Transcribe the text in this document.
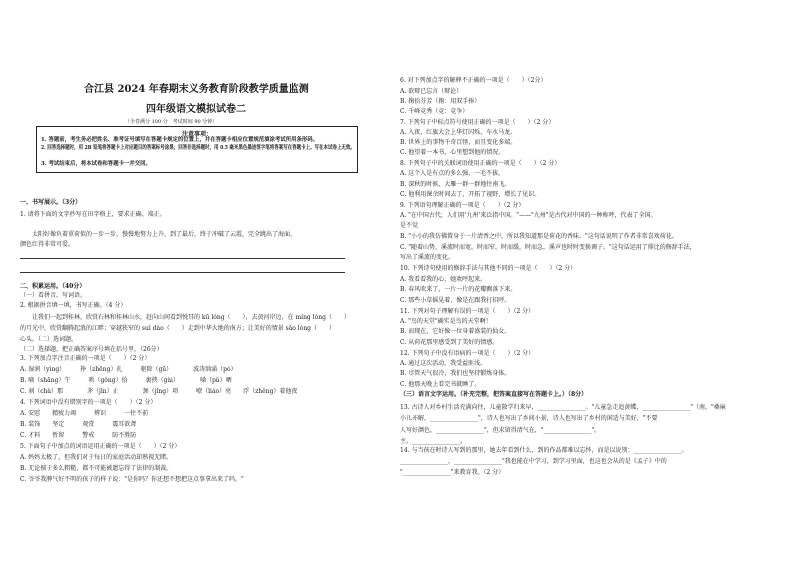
合江县 2024 年春期末义务教育阶段教学质量监测
四年级语文模拟试卷二
（全卷满分 100 分　考试时间 90 分钟）
注意事项：
1. 答题前，考生务必把姓名、准考证号填写在答题卡规定的位置上，并在答题卡相应位置规范填涂考试所用条形码。
2. 回答选择题时，用 2B 铅笔将答题卡上对应题目的答案标号涂黑；回答非选择题时，用 0.5 毫米黑色墨迹签字笔将答案写在答题卡上。写在本试卷上无效。
3. 考试结束后，将本试卷和答题卡一并交回。
一、书写展示。（3分）
1. 请将下面的文字抄写在田字格上，要求正确、端正。
　　太阳好像负着重荷似的一步一步，慢慢地努力上升，到了最后，终于冲破了云霞，完全跳出了海面，
颜色红得非常可爱。
二、积累运用。（40分）
（一）看拼音，写词语。
2. 根据拼音填一填，书写正确。（4 分）
　　让我们一起到桂林，欣赏石林和桂林山水，赶向山间看到悦耳的 kū lóng（　　），去黄河岸边，在 míng lóng（　　）
的月光中，欣赏翻腾起浪的江畔；穿越狭窄的 suì dào（　　）走到中华大地的南方；让美好的情景 sǎo lòng（　　）
心头。（二）选词题。
（二）选择题，把正确答案序号填在括号里。（26分）
3. 下列加点字注音正确的一项是（　　）（2 分）
A. 湿润（yìng）　　　挣（zhēng）扎　　　驱除（gū）　　　　波涛汹涌（pó）
B. 嘀（shāng）午　　　哄（gǒng）拾　　　裹挟（gài）　　　　嗓（pǔ）晒
C. 刹（chà）那　　　　茅（jīn）止　　　　颈（jǐng）项　　　嘹（liáo）亮　　浮（zhěng）着他夜
4. 下列词语中没有错别字的一项是（　　）（2 分）
A. 安慰　　精疲力竭　　　辨识　　　一往不前
B. 装饰　　坚定　　　观赏　　　震耳欲聋
C. 才料　　暂留　　　警戒　　　防不胜防
5. 下面句子中加点的词语运用正确的一项是（　　）（2 分）
A. 妈妈太极了，但我们对于每日的家庭活动却熟视无睹。
B. 无论擅于多么粗糙，都不可能被遗忘得了法律的制裁。
C. 爷爷我脾气好不明的孩子的样子说："是你吗？你还想不想把这点事拿出来了吗。"
6. 对下列加点字的解释不正确的一项是（　　）（2分）
A. 欲辩已忘言（辩论）
B. 掬拾芬芳（掬：用双手捧）
C. 千峰竞秀（竞：竞争）
7. 下列句子中标点符号使用正确的一项是（　　）（2 分）
A. 入夜，红旗大会上华灯闪烁，车水马龙。
B. 世界上的事物千奇百怪，而且变化多端。
C. 他望着一本书，心里想到他的情况。
8. 下列句子中的关联词语使用正确的一项是（　　）（2 分）
A. 这个人是有点的多么强，一毛不拔。
B. 深秋的时候，大雁一群一群地往南飞。
C. 他利用课余时间去了，开拓了视野，增长了见识。
9. 下列语句理解正确的一项是（　　）（2 分）
A. "在中国古代，人们用'九州'来泛指中国。"——"九州"是古代对中国的一种称呼，代表了全国。
是不觉
B. "小小的我仿佛置身于一片清香之中，所以我知道那是荷花的香味。"这句话说明了作者非常喜欢荷花。
C. "随着山势，溪流时而宽，时而窄，时而缓，时而急，溪声也时时变换调子。"这句话运用了排比的修辞手法，
写出了溪流的变化。
10. 下列诗句使用的修辞手法与其他不同的一项是（　　）（2 分）
A. 我看看我的心，她欢呼起来。
B. 春风吹来了，一片一片的花瓣飘落下来。
C. 那些小草摇晃着，像是在跟我打招呼。
11. 下列对句子理解有误的一项是（　　）（2 分）
A. "鸟的天堂"确实是鸟的天堂啊！
B. 而现在，它好像一位身着盛装的仙女。
C. 从荷花那里感受到了美好的情感。
12. 下列句子中没有语病的一项是（　　）（2 分）
A. 通过这次活动，我受益匪浅。
B. 尽管天气很冷，我们也坚持锻炼身体。
C. 他那天晚上看完书就睡了。
（三）语言文字运用。（补充完整，把答案直接写在答题卡上。）（8分）
13. 古诗人对乡村生活充满向往，儿童散学归来早，________________。"儿童急走追黄蝶，________________"（南，"桑麻
小儿亦解，________________"，诗人也写出了乡间小景，诗人也写出了乡村的闲适与美好，"不要
人写好颜色，________________"，但求留得清气在，"________________"。
主。________________。
14. 与当孩在时诗人写到的那里，她去年看到什么，到的作品都难以忘怀，而是以说别：________________。
________________，________________"我也能在中学习，到学习里面，也这也会从的是《孟子》中的
"________________"来教育我。（2 分）
